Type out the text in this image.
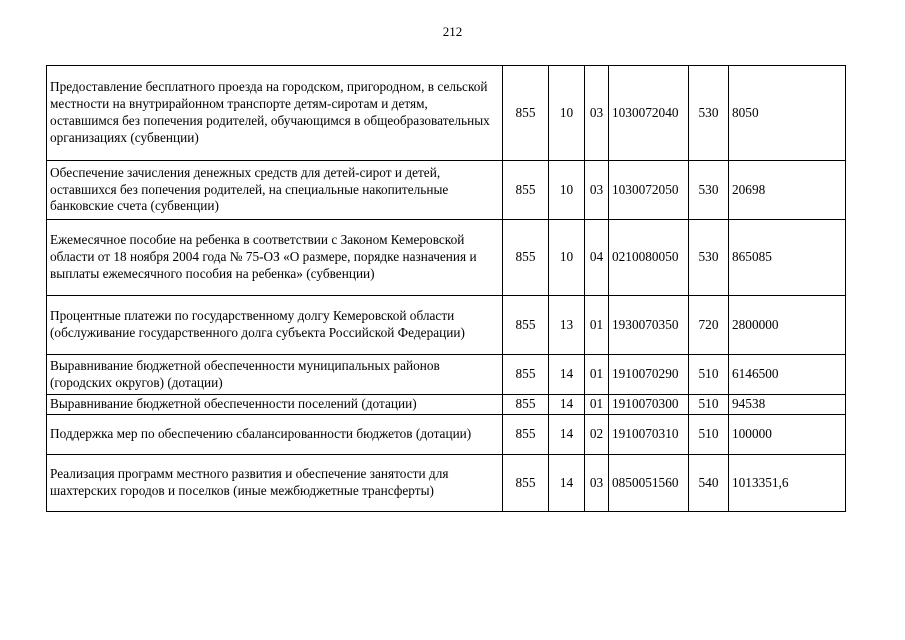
212
Предоставление бесплатного проезда на городском, пригородном, в сельской местности на внутрирайонном транспорте детям-сиротам и детям, оставшимся без попечения родителей, обучающимся в общеобразовательных организациях (субвенции)	855	10	03	1030072040	530	8050
Обеспечение зачисления денежных средств для детей-сирот и детей, оставшихся без попечения родителей, на специальные накопительные банковские счета (субвенции)	855	10	03	1030072050	530	20698
Ежемесячное пособие на ребенка в соответствии с Законом Кемеровской области от 18 ноября 2004 года № 75-ОЗ «О размере, порядке назначения и выплаты ежемесячного пособия на ребенка» (субвенции)	855	10	04	0210080050	530	865085
Процентные платежи по государственному долгу Кемеровской области (обслуживание государственного долга субъекта Российской Федерации)	855	13	01	1930070350	720	2800000
Выравнивание бюджетной обеспеченности муниципальных районов (городских округов) (дотации)	855	14	01	1910070290	510	6146500
Выравнивание бюджетной обеспеченности поселений (дотации)	855	14	01	1910070300	510	94538
Поддержка мер по обеспечению сбалансированности бюджетов (дотации)	855	14	02	1910070310	510	100000
Реализация программ местного развития и обеспечение занятости для шахтерских городов и поселков (иные межбюджетные трансферты)	855	14	03	0850051560	540	1013351,6
